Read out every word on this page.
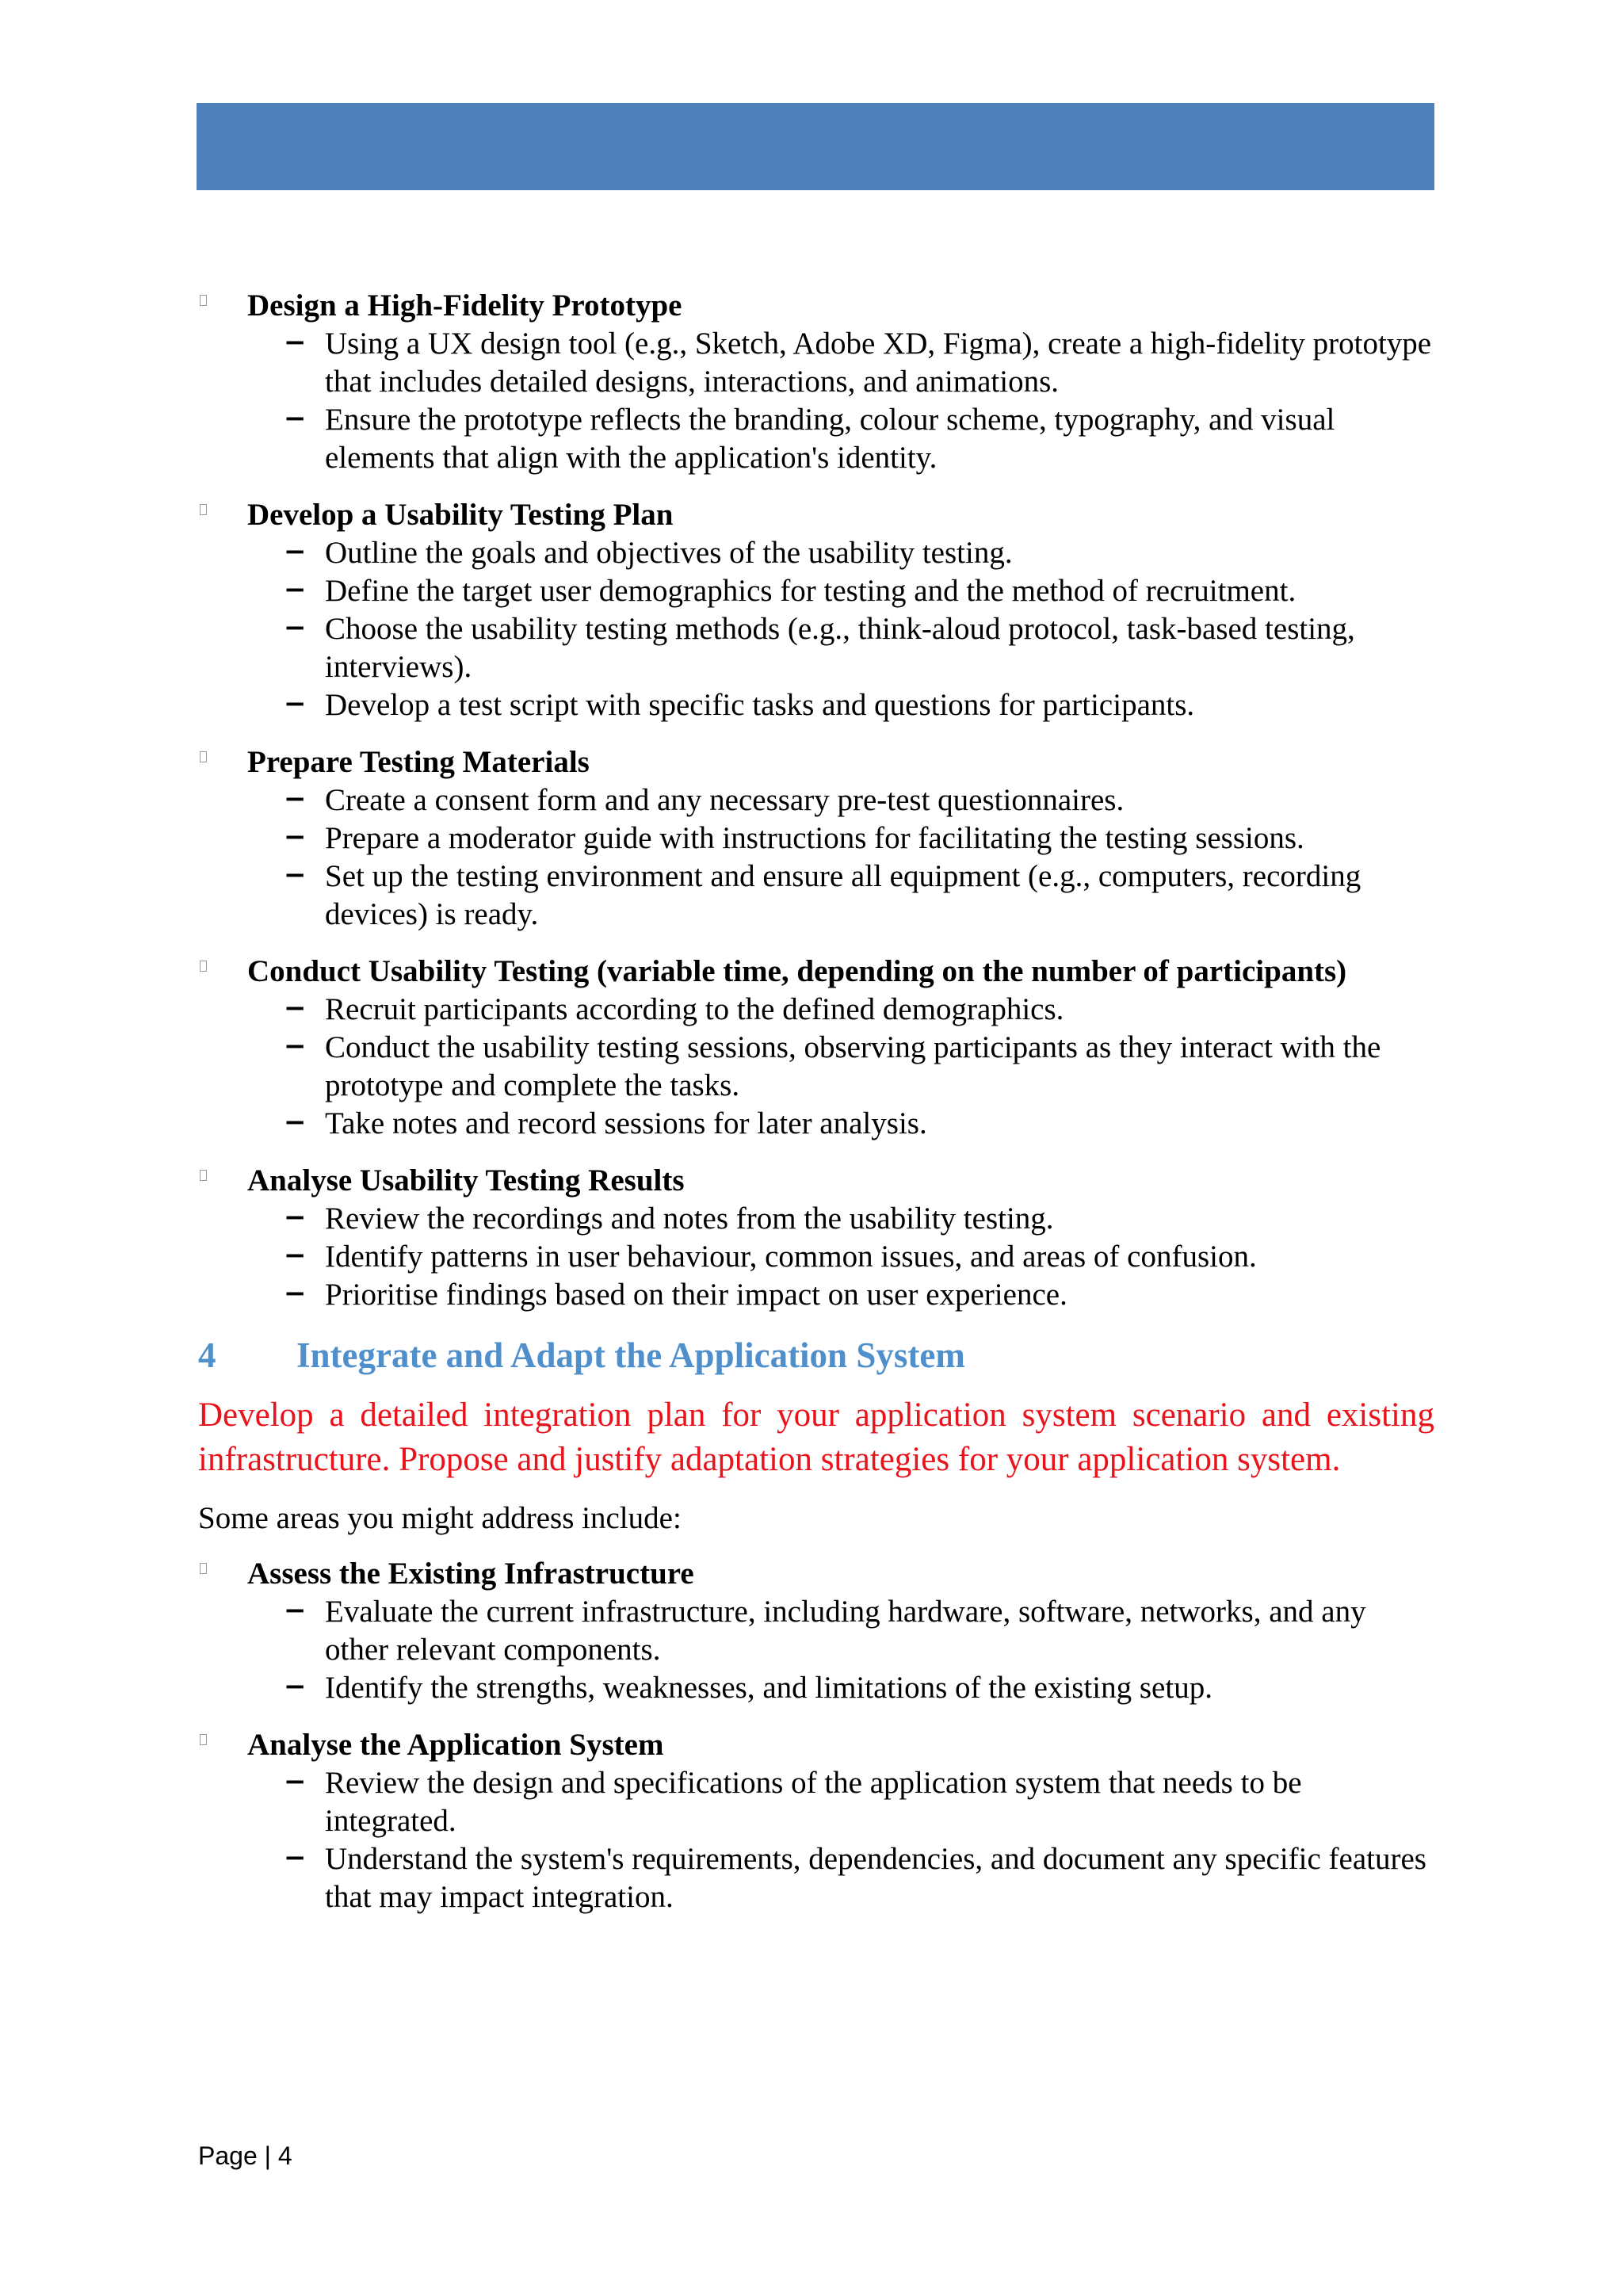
Design a High-Fidelity Prototype
− Using a UX design tool (e.g., Sketch, Adobe XD, Figma), create a high-fidelity prototype that includes detailed designs, interactions, and animations.
− Ensure the prototype reflects the branding, colour scheme, typography, and visual elements that align with the application's identity.
Develop a Usability Testing Plan
− Outline the goals and objectives of the usability testing.
− Define the target user demographics for testing and the method of recruitment.
− Choose the usability testing methods (e.g., think-aloud protocol, task-based testing, interviews).
− Develop a test script with specific tasks and questions for participants.
Prepare Testing Materials
− Create a consent form and any necessary pre-test questionnaires.
− Prepare a moderator guide with instructions for facilitating the testing sessions.
− Set up the testing environment and ensure all equipment (e.g., computers, recording devices) is ready.
Conduct Usability Testing (variable time, depending on the number of participants)
− Recruit participants according to the defined demographics.
− Conduct the usability testing sessions, observing participants as they interact with the prototype and complete the tasks.
− Take notes and record sessions for later analysis.
Analyse Usability Testing Results
− Review the recordings and notes from the usability testing.
− Identify patterns in user behaviour, common issues, and areas of confusion.
− Prioritise findings based on their impact on user experience.
4	Integrate and Adapt the Application System
Develop a detailed integration plan for your application system scenario and existing infrastructure. Propose and justify adaptation strategies for your application system.
Some areas you might address include:
Assess the Existing Infrastructure
− Evaluate the current infrastructure, including hardware, software, networks, and any other relevant components.
− Identify the strengths, weaknesses, and limitations of the existing setup.
Analyse the Application System
− Review the design and specifications of the application system that needs to be integrated.
− Understand the system's requirements, dependencies, and document any specific features that may impact integration.
Page | 4
